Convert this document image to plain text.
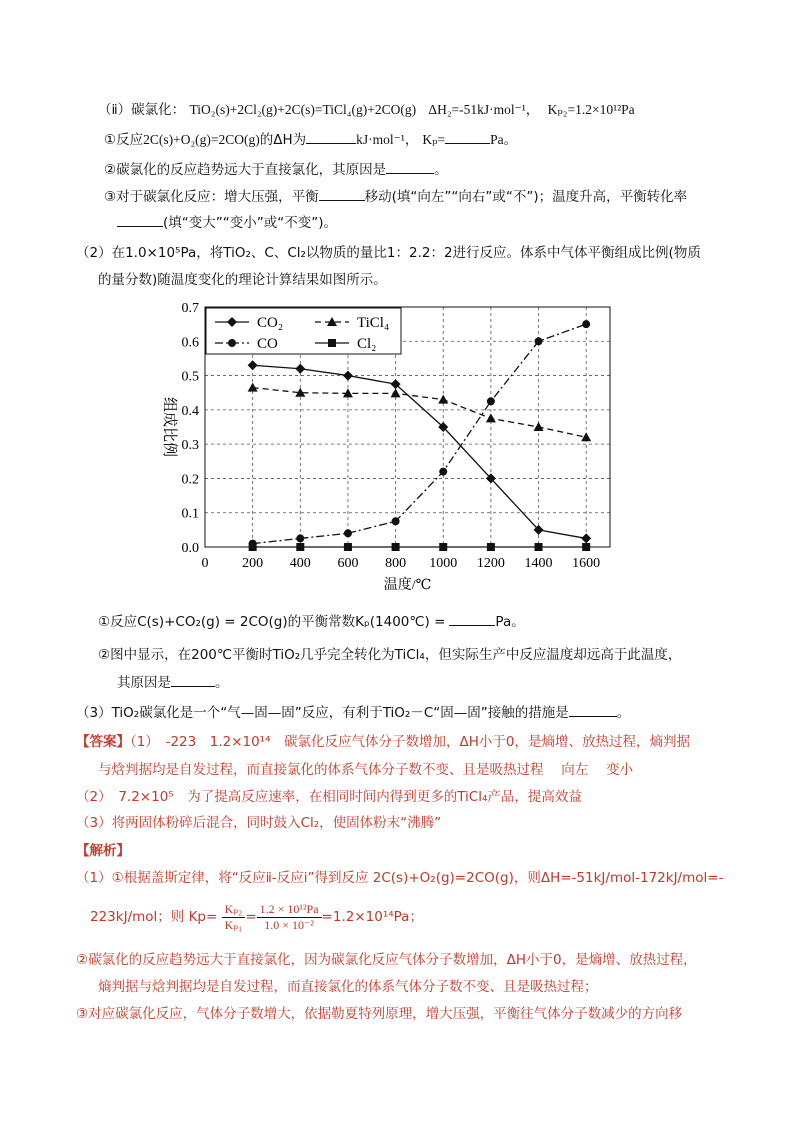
（ⅱ）碳氯化： TiO₂(s)+2Cl₂(g)+2C(s)=TiCl₄(g)+2CO(g) ΔH₂=-51kJ·mol⁻¹， Kₚ₂=1.2×10¹²Pa
①反应2C(s)+O₂(g)=2CO(g)的ΔH为	kJ·mol⁻¹， Kₚ=	Pa。
②碳氯化的反应趋势远大于直接氯化，其原因是	。
③对于碳氯化反应：增大压强，平衡	移动(填“向左”“向右”或“不”)；温度升高，平衡转化率
(填“变大”“变小”或“不变”)。
（2）在1.0×10⁵Pa，将TiO₂、C、Cl₂以物质的量比1：2.2：2进行反应。体系中气体平衡组成比例(物质
的量分数)随温度变化的理论计算结果如图所示。
0.0
0.1
0.2
0.3
0.4
0.5
0.6
0.7
0 200 400 600 800 1000 1200 1400 1600
CO₂	TiCl₄
CO	Cl₂
组成比例
温度/℃
①反应C(s)+CO₂(g) = 2CO(g)的平衡常数Kₚ(1400℃) =	Pa。
②图中显示，在200℃平衡时TiO₂几乎完全转化为TiCl₄，但实际生产中反应温度却远高于此温度，
其原因是	。
（3）TiO₂碳氯化是一个“气—固—固”反应，有利于TiO₂－C“固—固”接触的措施是	。
【答案】（1）　-223　1.2×10¹⁴　碳氯化反应气体分子数增加，ΔH小于0，是熵增、放热过程，熵判据
与焓判据均是自发过程，而直接氯化的体系气体分子数不变、且是吸热过程　 向左　 变小
（2）　7.2×10⁵　为了提高反应速率，在相同时间内得到更多的TiCl₄产品，提高效益
（3）将两固体粉碎后混合，同时鼓入Cl₂，使固体粉末“沸腾”
【解析】
（1）①根据盖斯定律，将“反应ⅱ-反应ⅰ”得到反应 2C(s)+O₂(g)=2CO(g)，则ΔH=-51kJ/mol-172kJ/mol=-
223kJ/mol；则 $Kp= \frac{\text{Kₚ₂}}{\text{Kₚ₁}} = \frac{\text{1.2 × 10¹²Pa}}{\text{1.0 × 10⁻²}} =1.2\times 10^{14}Pa$；
②碳氯化的反应趋势远大于直接氯化，因为碳氯化反应气体分子数增加，ΔH小于0，是熵增、放热过程，
熵判据与焓判据均是自发过程，而直接氯化的体系气体分子数不变、且是吸热过程；
③对应碳氯化反应，气体分子数增大，依据勒夏特列原理，增大压强，平衡往气体分子数减少的方向移
